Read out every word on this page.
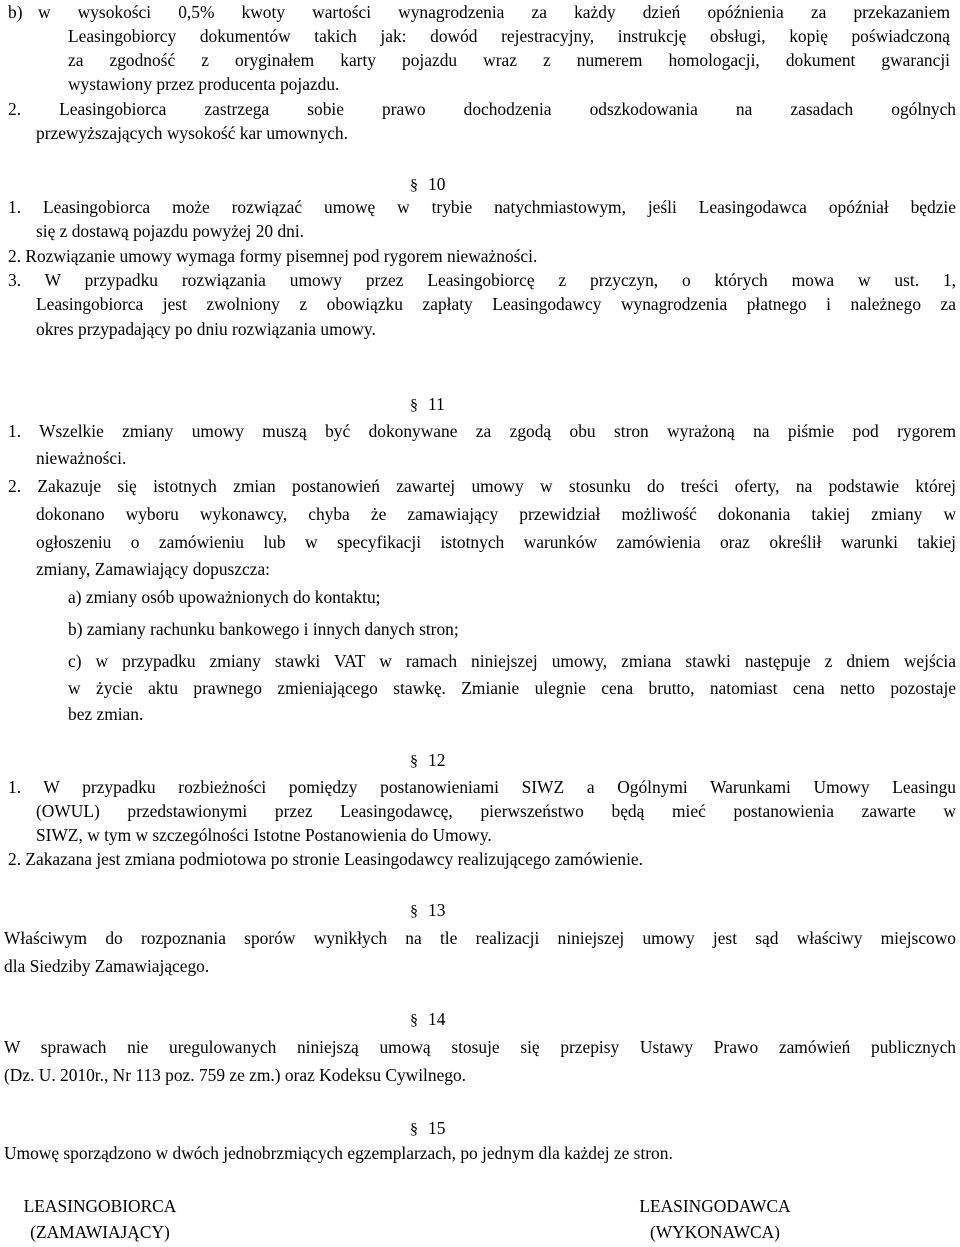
b) w wysokości 0,5% kwoty wartości wynagrodzenia za każdy dzień opóźnienia za przekazaniem
Leasingobiorcy dokumentów takich jak: dowód rejestracyjny, instrukcję obsługi, kopię poświadczoną
za zgodność z oryginałem karty pojazdu wraz z numerem homologacji, dokument gwarancji
wystawiony przez producenta pojazdu.
2. Leasingobiorca zastrzega sobie prawo dochodzenia odszkodowania na zasadach ogólnych
przewyższających wysokość kar umownych.
§ 10
1. Leasingobiorca może rozwiązać umowę w trybie natychmiastowym, jeśli Leasingodawca opóźniał będzie
się z dostawą pojazdu powyżej 20 dni.
2. Rozwiązanie umowy wymaga formy pisemnej pod rygorem nieważności.
3. W przypadku rozwiązania umowy przez Leasingobiorcę z przyczyn, o których mowa w ust. 1,
Leasingobiorca jest zwolniony z obowiązku zapłaty Leasingodawcy wynagrodzenia płatnego i należnego za
okres przypadający po dniu rozwiązania umowy.
§ 11
1. Wszelkie zmiany umowy muszą być dokonywane za zgodą obu stron wyrażoną na piśmie pod rygorem
nieważności.
2. Zakazuje się istotnych zmian postanowień zawartej umowy w stosunku do treści oferty, na podstawie której
dokonano wyboru wykonawcy, chyba że zamawiający przewidział możliwość dokonania takiej zmiany w
ogłoszeniu o zamówieniu lub w specyfikacji istotnych warunków zamówienia oraz określił warunki takiej
zmiany, Zamawiający dopuszcza:
a) zmiany osób upoważnionych do kontaktu;
b) zamiany rachunku bankowego i innych danych stron;
c) w przypadku zmiany stawki VAT w ramach niniejszej umowy, zmiana stawki następuje z dniem wejścia
w życie aktu prawnego zmieniającego stawkę. Zmianie ulegnie cena brutto, natomiast cena netto pozostaje
bez zmian.
§ 12
1. W przypadku rozbieżności pomiędzy postanowieniami SIWZ a Ogólnymi Warunkami Umowy Leasingu
(OWUL) przedstawionymi przez Leasingodawcę, pierwszeństwo będą mieć postanowienia zawarte w
SIWZ, w tym w szczególności Istotne Postanowienia do Umowy.
2. Zakazana jest zmiana podmiotowa po stronie Leasingodawcy realizującego zamówienie.
§ 13
Właściwym do rozpoznania sporów wynikłych na tle realizacji niniejszej umowy jest sąd właściwy miejscowo
dla Siedziby Zamawiającego.
§ 14
W sprawach nie uregulowanych niniejszą umową stosuje się przepisy Ustawy Prawo zamówień publicznych
(Dz. U. 2010r., Nr 113 poz. 759 ze zm.) oraz Kodeksu Cywilnego.
§ 15
Umowę sporządzono w dwóch jednobrzmiących egzemplarzach, po jednym dla każdej ze stron.
LEASINGOBIORCA
(ZAMAWIAJĄCY)
LEASINGODAWCA
(WYKONAWCA)
